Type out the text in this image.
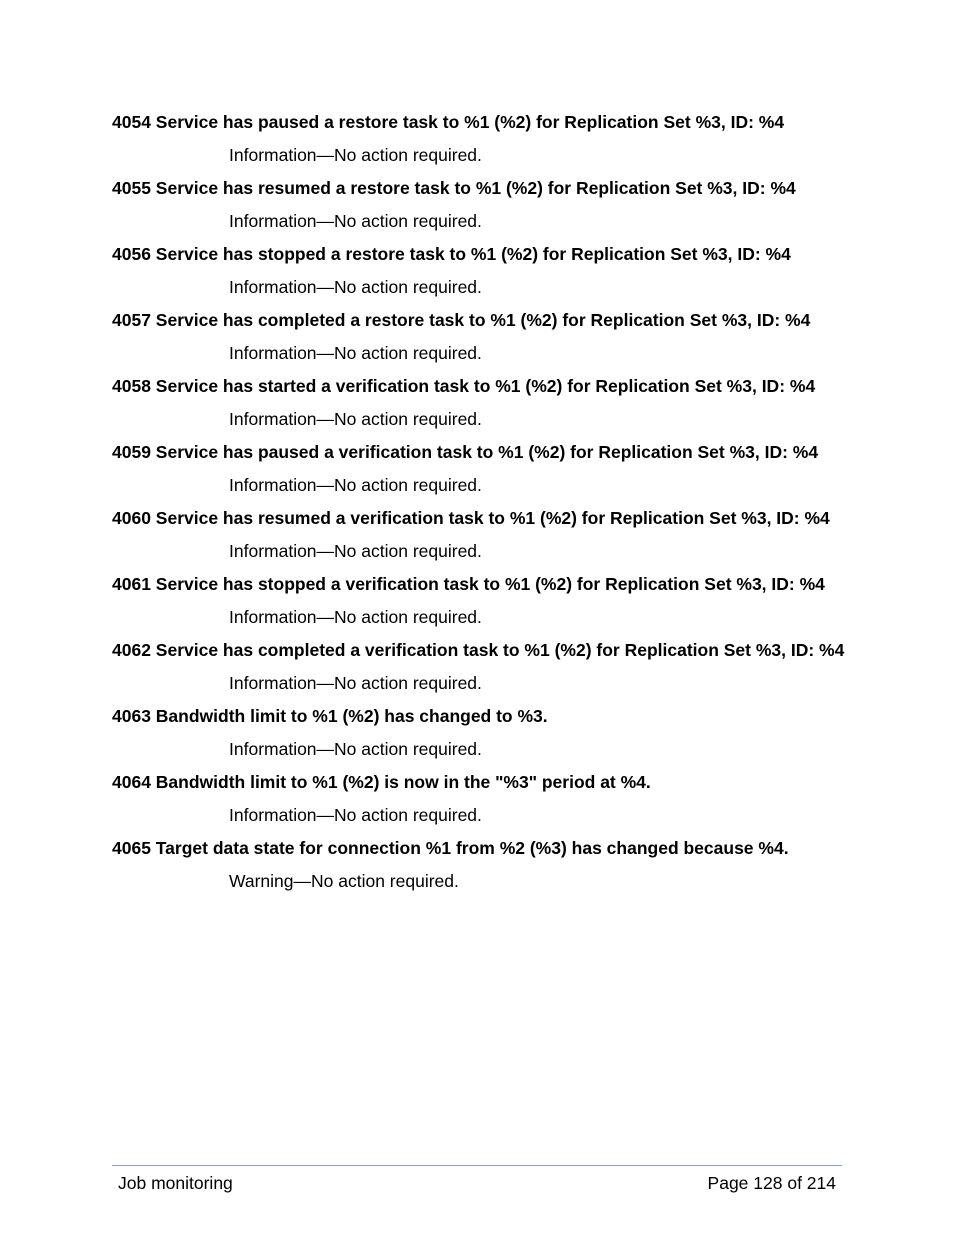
4054 Service has paused a restore task to %1 (%2) for Replication Set %3, ID: %4

Information—No action required.

4055 Service has resumed a restore task to %1 (%2) for Replication Set %3, ID: %4

Information—No action required.

4056 Service has stopped a restore task to %1 (%2) for Replication Set %3, ID: %4

Information—No action required.

4057 Service has completed a restore task to %1 (%2) for Replication Set %3, ID: %4

Information—No action required.

4058 Service has started a verification task to %1 (%2) for Replication Set %3, ID: %4

Information—No action required.

4059 Service has paused a verification task to %1 (%2) for Replication Set %3, ID: %4

Information—No action required.

4060 Service has resumed a verification task to %1 (%2) for Replication Set %3, ID: %4

Information—No action required.

4061 Service has stopped a verification task to %1 (%2) for Replication Set %3, ID: %4

Information—No action required.

4062 Service has completed a verification task to %1 (%2) for Replication Set %3, ID: %4

Information—No action required.

4063 Bandwidth limit to %1 (%2) has changed to %3.

Information—No action required.

4064 Bandwidth limit to %1 (%2) is now in the "%3" period at %4.

Information—No action required.

4065 Target data state for connection %1 from %2 (%3) has changed because %4.

Warning—No action required.

Job monitoring	Page 128 of 214
